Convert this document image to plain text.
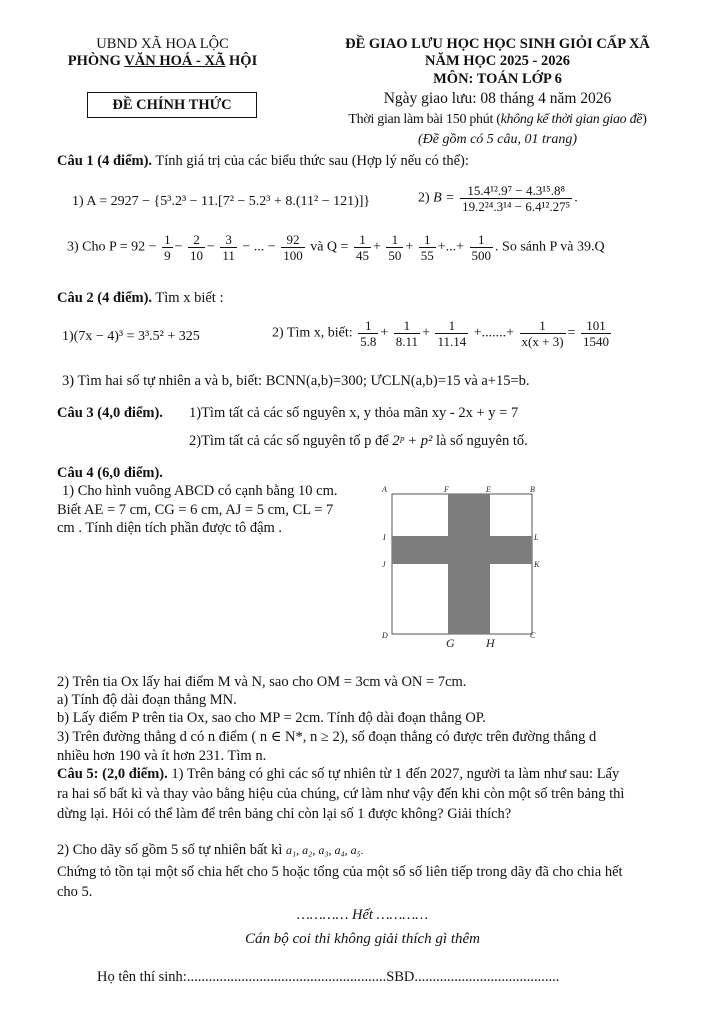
UBND XÃ HOA LỘC
PHÒNG VĂN HOÁ - XÃ HỘI
ĐỀ CHÍNH THỨC
ĐỀ GIAO LƯU HỌC HỌC SINH GIỎI CẤP XÃ
NĂM HỌC 2025 - 2026
MÔN: TOÁN LỚP 6
Ngày giao lưu: 08 tháng 4 năm 2026
Thời gian làm bài 150 phút (không kể thời gian giao đề)
(Đề gồm có 5 câu, 01 trang)
Câu 1 (4 điểm). Tính giá trị của các biểu thức sau (Hợp lý nếu có thể):
1) A = 2927 − {5³.2³ − 11.[7² − 5.2³ + 8.(11² − 121)]}	2) $B = \frac{\text{15.4¹².9⁷ − 4.3¹⁵.8⁸}}{\text{19.2²⁴.3¹⁴ − 6.4¹².27⁵}}$ .
3) Cho $P = 92 - \frac{1}{9} - \frac{2}{10} - \frac{3}{11}$ − ... − $\frac{92}{100}$ và $Q = \frac{1}{45} + \frac{1}{50} + \frac{1}{55}$ +...+ $\frac{1}{500}$ . So sánh P và 39.Q
Câu 2 (4 điểm). Tìm x biết :
1)(7x − 4)³ = 3³.5² + 325	2) Tìm x, biết: $\frac{1}{5.8} + \frac{1}{8.11} + \frac{1}{11.14}$ +.......+ $\frac{1}{x(x + 3)} = \frac{101}{1540}$
3) Tìm hai số tự nhiên a và b, biết: BCNN(a,b)=300; ƯCLN(a,b)=15 và a+15=b.
Câu 3 (4,0 điểm). 1)Tìm tất cả các số nguyên x, y thỏa mãn xy - 2x + y = 7
2)Tìm tất cả các số nguyên tố p để 2ᵖ + p² là số nguyên tố.
Câu 4 (6,0 điểm).
1) Cho hình vuông ABCD có cạnh bằng 10 cm.
Biết AE = 7 cm, CG = 6 cm, AJ = 5 cm, CL = 7
cm . Tính diện tích phần được tô đậm .
A	F	E	B
I
J
L
K
D	C
G	H
2) Trên tia Ox lấy hai điểm M và N, sao cho OM = 3cm và ON = 7cm.
a) Tính độ dài đoạn thẳng MN.
b) Lấy điểm P trên tia Ox, sao cho MP = 2cm. Tính độ dài đoạn thẳng OP.
3) Trên đường thẳng d có n điểm ( n ∈ N*, n ≥ 2), số đoạn thẳng có được trên đường thẳng d
nhiều hơn 190 và ít hơn 231. Tìm n.
Câu 5: (2,0 điểm). 1) Trên bảng có ghi các số tự nhiên từ 1 đến 2027, người ta làm như sau: Lấy
ra hai số bất kì và thay vào bằng hiệu của chúng, cứ làm như vậy đến khi còn một số trên bảng thì
dừng lại. Hỏi có thể làm để trên bảng chỉ còn lại số 1 được không? Giải thích?
2) Cho dãy số gồm 5 số tự nhiên bất kì a₁, a₂, a₃, a₄, a₅.
Chứng tỏ tồn tại một số chia hết cho 5 hoặc tổng của một số số liên tiếp trong dãy đã cho chia hết
cho 5.
………… Hết …………
Cán bộ coi thi không giải thích gì thêm
Họ tên thí sinh:.......................................................SBD........................................
